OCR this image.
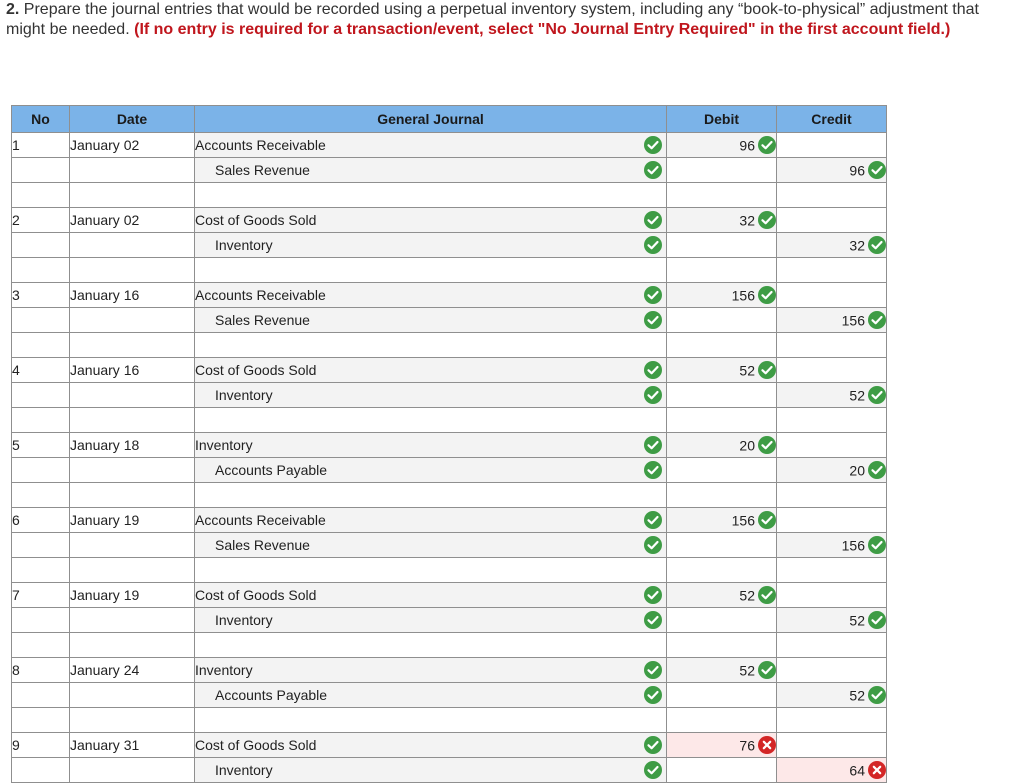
2. Prepare the journal entries that would be recorded using a perpetual inventory system, including any “book-to-physical” adjustment that might be needed. (If no entry is required for a transaction/event, select "No Journal Entry Required" in the first account field.)
No	Date	General Journal	Debit	Credit
1	January 02	Accounts Receivable	96

		Sales Revenue		96

2	January 02	Cost of Goods Sold	32

		Inventory		32

3	January 16	Accounts Receivable	156

		Sales Revenue		156

4	January 16	Cost of Goods Sold	52

		Inventory		52

5	January 18	Inventory	20

		Accounts Payable		20

6	January 19	Accounts Receivable	156

		Sales Revenue		156

7	January 19	Cost of Goods Sold	52

		Inventory		52

8	January 24	Inventory	52

		Accounts Payable		52

9	January 31	Cost of Goods Sold	76

		Inventory		64
